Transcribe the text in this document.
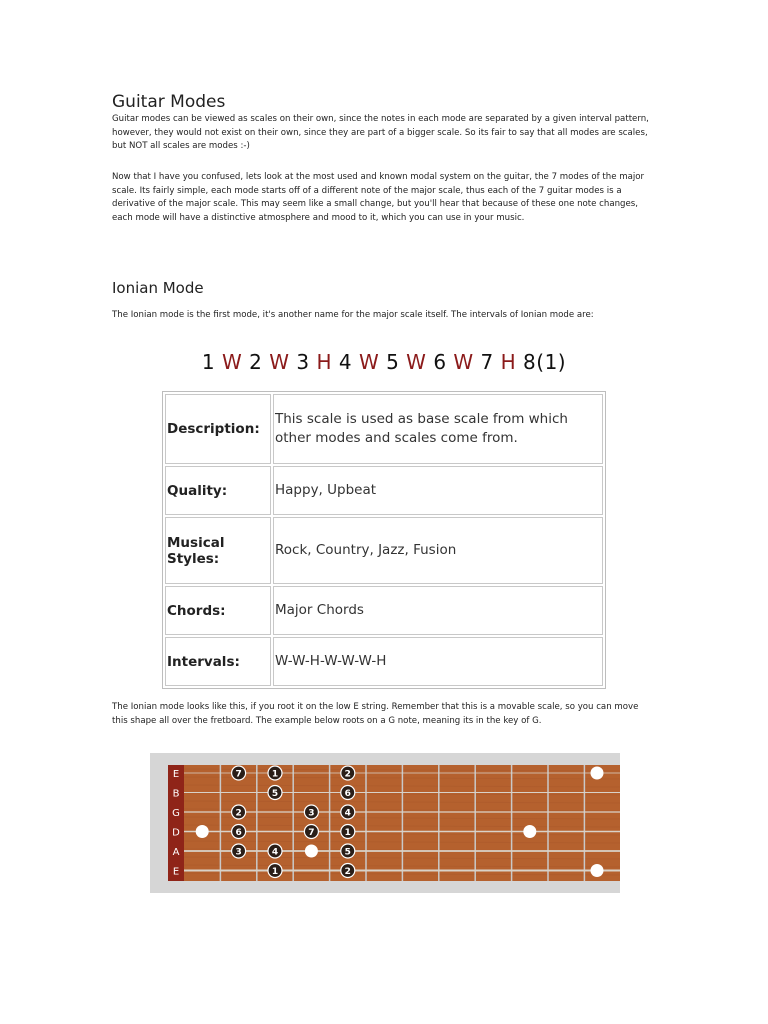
Guitar Modes

Guitar modes can be viewed as scales on their own, since the notes in each mode are separated by a given interval pattern, however, they would not exist on their own, since they are part of a bigger scale. So its fair to say that all modes are scales, but NOT all scales are modes :-)

Now that I have you confused, lets look at the most used and known modal system on the guitar, the 7 modes of the major scale. Its fairly simple, each mode starts off of a different note of the major scale, thus each of the 7 guitar modes is a derivative of the major scale. This may seem like a small change, but you'll hear that because of these one note changes, each mode will have a distinctive atmosphere and mood to it, which you can use in your music.

Ionian Mode

The Ionian mode is the first mode, it's another name for the major scale itself. The intervals of Ionian mode are:

1 W 2 W 3 H 4 W 5 W 6 W 7 H 8(1)
Description:	This scale is used as base scale from which other modes and scales come from.
Quality:	Happy, Upbeat
Musical Styles:	Rock, Country, Jazz, Fusion
Chords:	Major Chords
Intervals:	W-W-H-W-W-W-H

The Ionian mode looks like this, if you root it on the low E string. Remember that this is a movable scale, so you can move this shape all over the fretboard. The example below roots on a G note, meaning its in the key of G.

E
B
G
D
A
E
7	1	2
5	6
2	3	4
6	7	1
3	4	5
1	2
